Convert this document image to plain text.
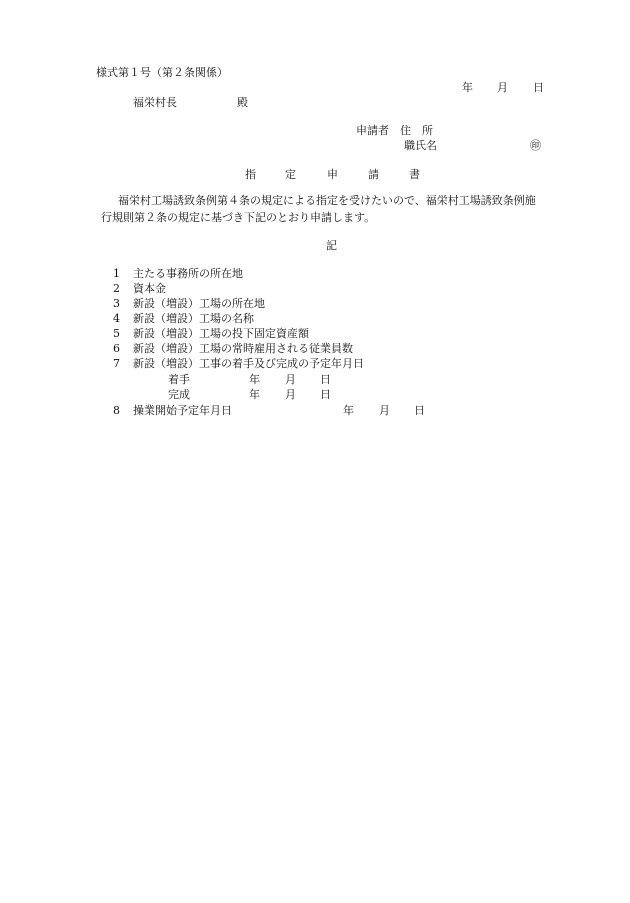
様式第１号（第２条関係）
年 月 日
福栄村長	殿
申請者 住　所
職氏名	㊞
指	定	申	請	書
福栄村工場誘致条例第４条の規定による指定を受けたいので、福栄村工場誘致条例施
行規則第２条の規定に基づき下記のとおり申請します。
記
1 主たる事務所の所在地
2 資本金
3 新設（増設）工場の所在地
4 新設（増設）工場の名称
5 新設（増設）工場の投下固定資産額
6 新設（増設）工場の常時雇用される従業員数
7 新設（増設）工事の着手及び完成の予定年月日
着手	年 月 日
完成	年 月 日
8 操業開始予定年月日	年 月 日
